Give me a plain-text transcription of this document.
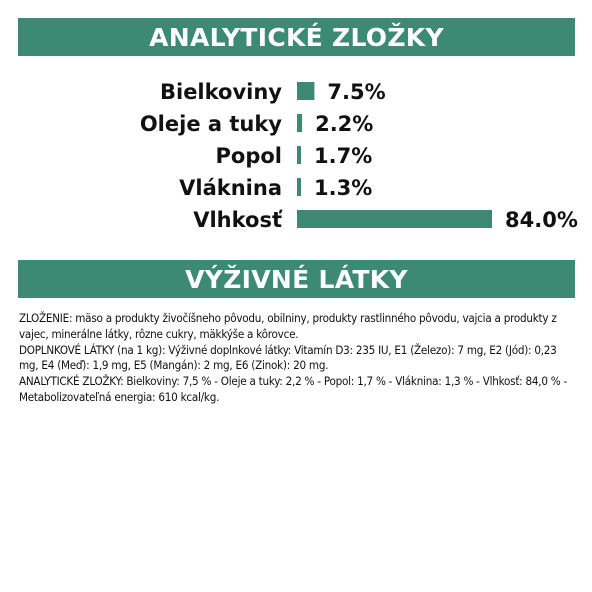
ANALYTICKÉ ZLOŽKY
Bielkoviny 7.5%
Oleje a tuky 2.2%
Popol 1.7%
Vláknina 1.3%
Vlhkosť	84.0%
VÝŽIVNÉ LÁTKY

ZLOŽENIE: mäso a produkty živočíšneho pôvodu, obilniny, produkty rastlinného pôvodu, vajcia a produkty z vajec, minerálne látky, rôzne cukry, mäkkýše a kôrovce.

DOPLNKOVÉ LÁTKY (na 1 kg): Výživné doplnkové látky: Vitamín D3: 235 IU, E1 (Železo): 7 mg, E2 (Jód): 0,23 mg, E4 (Meď): 1,9 mg, E5 (Mangán): 2 mg, E6 (Zinok): 20 mg.

ANALYTICKÉ ZLOŽKY: Bielkoviny: 7,5 % - Oleje a tuky: 2,2 % - Popol: 1,7 % - Vláknina: 1,3 % - Vlhkosť: 84,0 % - Metabolizovateľná energia: 610 kcal/kg.
